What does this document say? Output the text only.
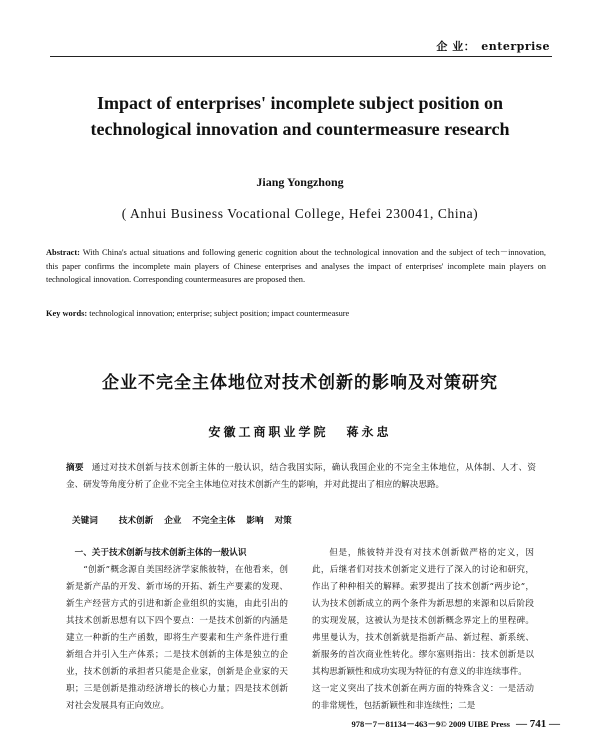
企 业： enterprise
Impact of enterprises' incomplete subject position on
technological innovation and countermeasure research
Jiang Yongzhong
( Anhui Business Vocational College, Hefei 230041, China)
Abstract: With China's actual situations and following generic cognition about the technological innovation and the subject of tech－innovation, this paper confirms the incomplete main players of Chinese enterprises and analyses the impact of enterprises' incomplete main players on technological innovation. Corresponding countermeasures are proposed then.
Key words: technological innovation; enterprise; subject position; impact countermeasure
企业不完全主体地位对技术创新的影响及对策研究
安徽工商职业学院 蒋永忠
摘要 通过对技术创新与技术创新主体的一般认识，结合我国实际，确认我国企业的不完全主体地位，从体制、人才、资金、研发等角度分析了企业不完全主体地位对技术创新产生的影响，并对此提出了相应的解决思路。
关键词 技术创新 企业 不完全主体 影响 对策

一、关于技术创新与技术创新主体的一般认识

“创新”概念源自美国经济学家熊彼特，在他看来，创新是新产品的开发、新市场的开拓、新生产要素的发现、新生产经营方式的引进和新企业组织的实施，由此引出的其技术创新思想有以下四个要点：一是技术创新的内涵是建立一种新的生产函数，即将生产要素和生产条件进行重新组合并引入生产体系；二是技术创新的主体是独立的企业，技术创新的承担者只能是企业家，创新是企业家的天职；三是创新是推动经济增长的核心力量；四是技术创新对社会发展具有正向效应。

但是，熊彼特并没有对技术创新做严格的定义，因此，后继者们对技术创新定义进行了深入的讨论和研究，作出了种种相关的解释。索罗提出了技术创新“两步论”，认为技术创新成立的两个条件为新思想的来源和以后阶段的实现发展，这被认为是技术创新概念界定上的里程碑。弗里曼认为，技术创新就是指新产品、新过程、新系统、新服务的首次商业性转化。缪尔塞则指出：技术创新是以其构思新颖性和成功实现为特征的有意义的非连续事件。

这一定义突出了技术创新在两方面的特殊含义：一是活动的非常规性，包括新颖性和非连续性；二是

978－7－81134－463－9© 2009 UIBE Press — 741 —
